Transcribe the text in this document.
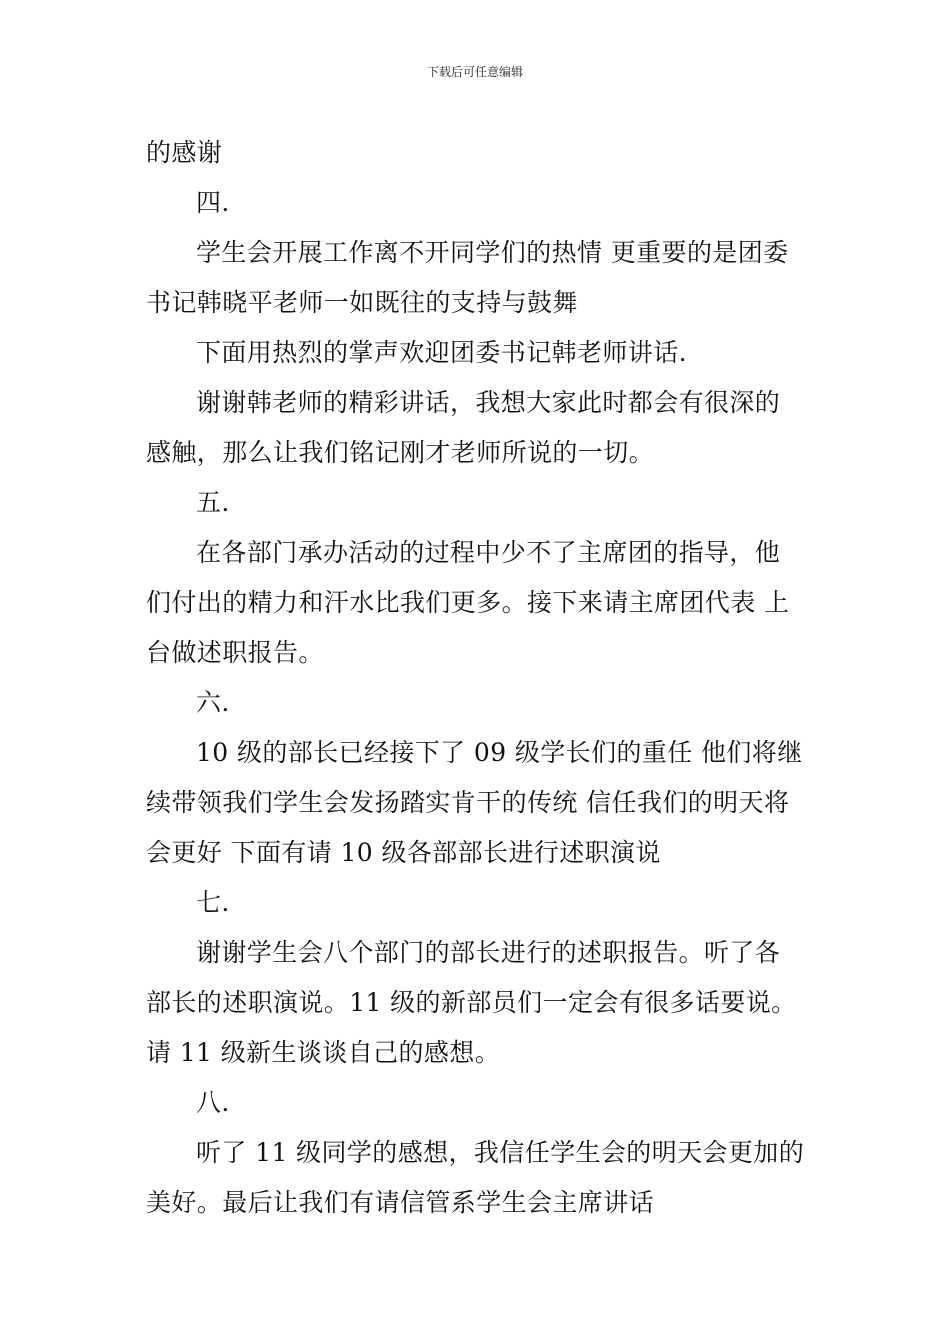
下载后可任意编辑
的感谢
四.
学生会开展工作离不开同学们的热情 更重要的是团委
书记韩晓平老师一如既往的支持与鼓舞
下面用热烈的掌声欢迎团委书记韩老师讲话.
谢谢韩老师的精彩讲话，我想大家此时都会有很深的
感触，那么让我们铭记刚才老师所说的一切。
五.
在各部门承办活动的过程中少不了主席团的指导，他
们付出的精力和汗水比我们更多。接下来请主席团代表 上
台做述职报告。
六.
10 级的部长已经接下了 09 级学长们的重任 他们将继
续带领我们学生会发扬踏实肯干的传统 信任我们的明天将
会更好 下面有请 10 级各部部长进行述职演说
七.
谢谢学生会八个部门的部长进行的述职报告。听了各
部长的述职演说。11 级的新部员们一定会有很多话要说。
请 11 级新生谈谈自己的感想。
八.
听了 11 级同学的感想，我信任学生会的明天会更加的
美好。最后让我们有请信管系学生会主席讲话
